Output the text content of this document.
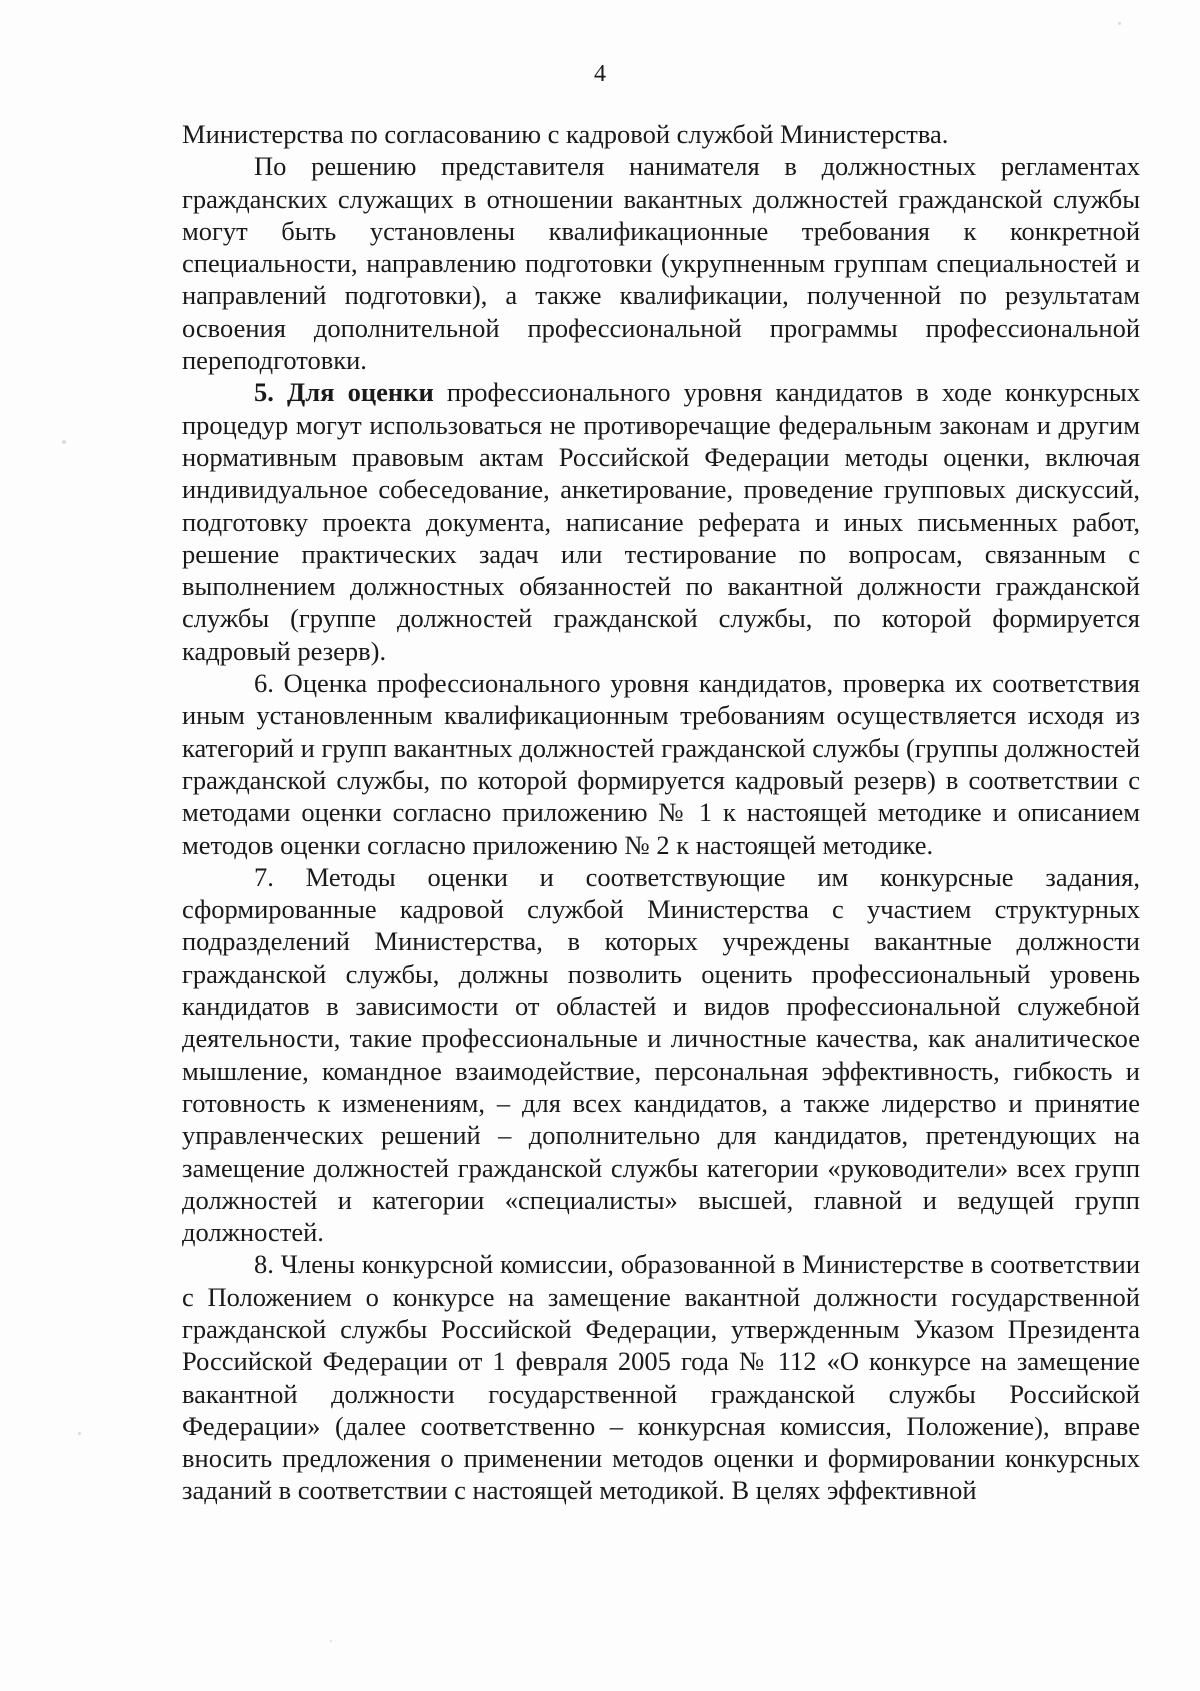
4

Министерства по согласованию с кадровой службой Министерства.

По решению представителя нанимателя в должностных регламентах гражданских служащих в отношении вакантных должностей гражданской службы могут быть установлены квалификационные требования к конкретной специальности, направлению подготовки (укрупненным группам специальностей и направлений подготовки), а также квалификации, полученной по результатам освоения дополнительной профессиональной программы профессиональной переподготовки.

5. Для оценки профессионального уровня кандидатов в ходе конкурсных процедур могут использоваться не противоречащие федеральным законам и другим нормативным правовым актам Российской Федерации методы оценки, включая индивидуальное собеседование, анкетирование, проведение групповых дискуссий, подготовку проекта документа, написание реферата и иных письменных работ, решение практических задач или тестирование по вопросам, связанным с выполнением должностных обязанностей по вакантной должности гражданской службы (группе должностей гражданской службы, по которой формируется кадровый резерв).

6. Оценка профессионального уровня кандидатов, проверка их соответствия иным установленным квалификационным требованиям осуществляется исходя из категорий и групп вакантных должностей гражданской службы (группы должностей гражданской службы, по которой формируется кадровый резерв) в соответствии с методами оценки согласно приложению № 1 к настоящей методике и описанием методов оценки согласно приложению № 2 к настоящей методике.

7. Методы оценки и соответствующие им конкурсные задания, сформированные кадровой службой Министерства с участием структурных подразделений Министерства, в которых учреждены вакантные должности гражданской службы, должны позволить оценить профессиональный уровень кандидатов в зависимости от областей и видов профессиональной служебной деятельности, такие профессиональные и личностные качества, как аналитическое мышление, командное взаимодействие, персональная эффективность, гибкость и готовность к изменениям, – для всех кандидатов, а также лидерство и принятие управленческих решений – дополнительно для кандидатов, претендующих на замещение должностей гражданской службы категории «руководители» всех групп должностей и категории «специалисты» высшей, главной и ведущей групп должностей.

8. Члены конкурсной комиссии, образованной в Министерстве в соответствии с Положением о конкурсе на замещение вакантной должности государственной гражданской службы Российской Федерации, утвержденным Указом Президента Российской Федерации от 1 февраля 2005 года № 112 «О конкурсе на замещение вакантной должности государственной гражданской службы Российской Федерации» (далее соответственно – конкурсная комиссия, Положение), вправе вносить предложения о применении методов оценки и формировании конкурсных заданий в соответствии с настоящей методикой. В целях эффективной
